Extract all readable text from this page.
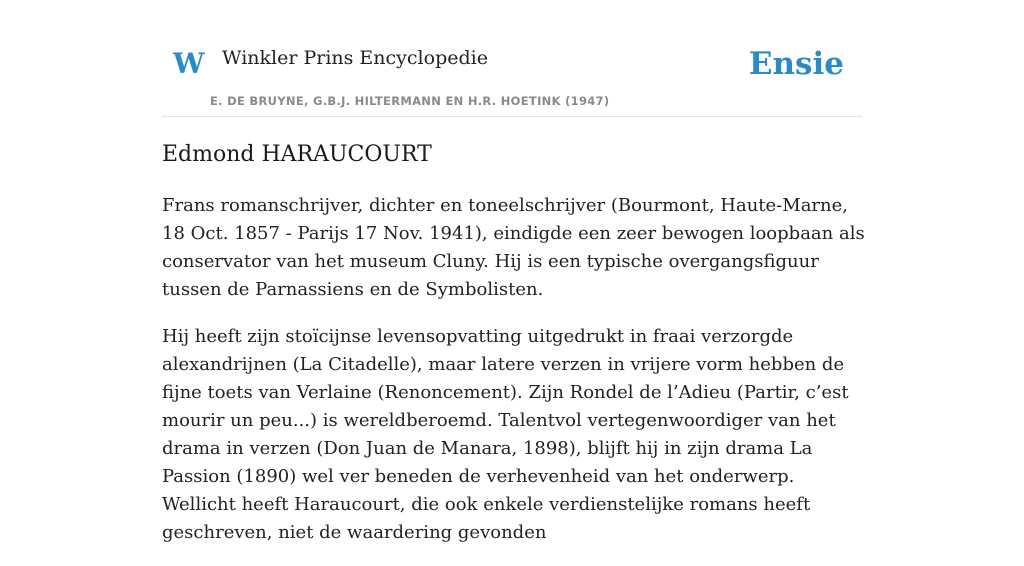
W Winkler Prins Encyclopedie
E. DE BRUYNE, G.B.J. HILTERMANN EN H.R. HOETINK (1947)
Ensie
Edmond HARAUCOURT

Frans romanschrijver, dichter en toneelschrijver (Bourmont, Haute-Marne, 18 Oct. 1857 - Parijs 17 Nov. 1941), eindigde een zeer bewogen loopbaan als conservator van het museum Cluny. Hij is een typische overgangsfiguur tussen de Parnassiens en de Symbolisten.

Hij heeft zijn stoïcijnse levensopvatting uitgedrukt in fraai verzorgde alexandrijnen (La Citadelle), maar latere verzen in vrijere vorm hebben de fijne toets van Verlaine (Renoncement). Zijn Rondel de l’Adieu (Partir, c’est mourir un peu...) is wereldberoemd. Talentvol vertegenwoordiger van het drama in verzen (Don Juan de Manara, 1898), blijft hij in zijn drama La Passion (1890) wel ver beneden de verhevenheid van het onderwerp. Wellicht heeft Haraucourt, die ook enkele verdienstelijke romans heeft geschreven, niet de waardering gevonden
